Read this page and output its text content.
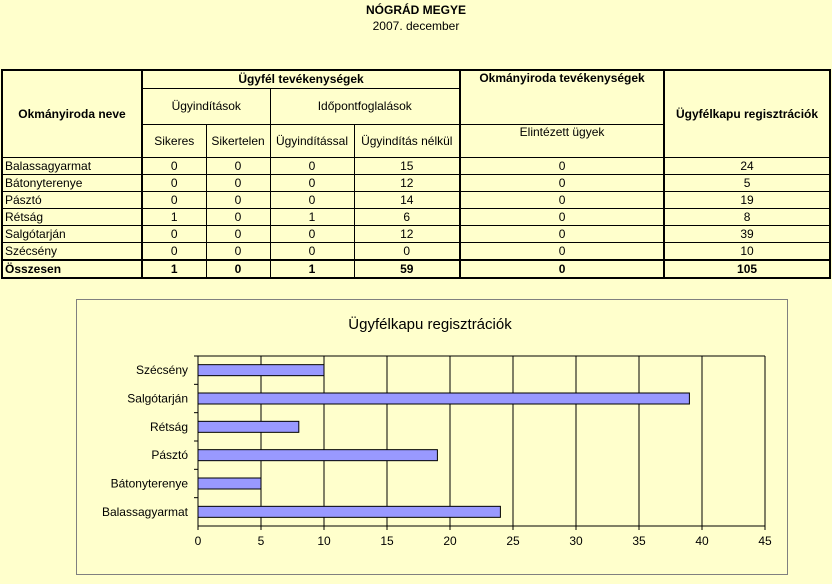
NÓGRÁD MEGYE
2007. december
Okmányiroda neve	Ügyfél tevékenységek				Okmányiroda tevékenységek	Ügyfélkapu regisztrációk
	Ügyindítások		Időpontfoglalások			
	Sikeres	Sikertelen	Ügyindítással	Ügyindítás nélkül	Elintézett ügyek	
Balassagyarmat	0	0	0	15	0	24
Bátonyterenye	0	0	0	12	0	5
Pásztó	0	0	0	14	0	19
Rétság	1	0	1	6	0	8
Salgótarján	0	0	0	12	0	39
Szécsény	0	0	0	0	0	10
Összesen	1	0	1	59	0	105
Ügyfélkapu regisztrációk
0	5	10	15	20	25	30	35	40	45
Szécsény
Salgótarján
Rétság
Pásztó
Bátonyterenye
Balassagyarmat
